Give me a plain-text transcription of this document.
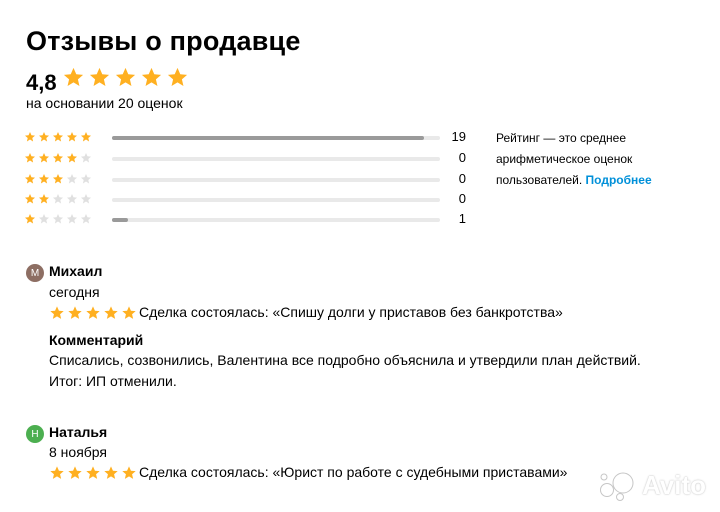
Отзывы о продавце
4,8
на основании 20 оценок
19
0
0
0
1
Рейтинг — это среднее арифметическое оценок пользователей. Подробнее
М Михаил
сегодня
Сделка состоялась: «Спишу долги у приставов без банкротства»
Комментарий
Списались, созвонились, Валентина все подробно объяснила и утвердили план действий.
Итог: ИП отменили.
Н Наталья
8 ноября
Сделка состоялась: «Юрист по работе с судебными приставами»	Avito
